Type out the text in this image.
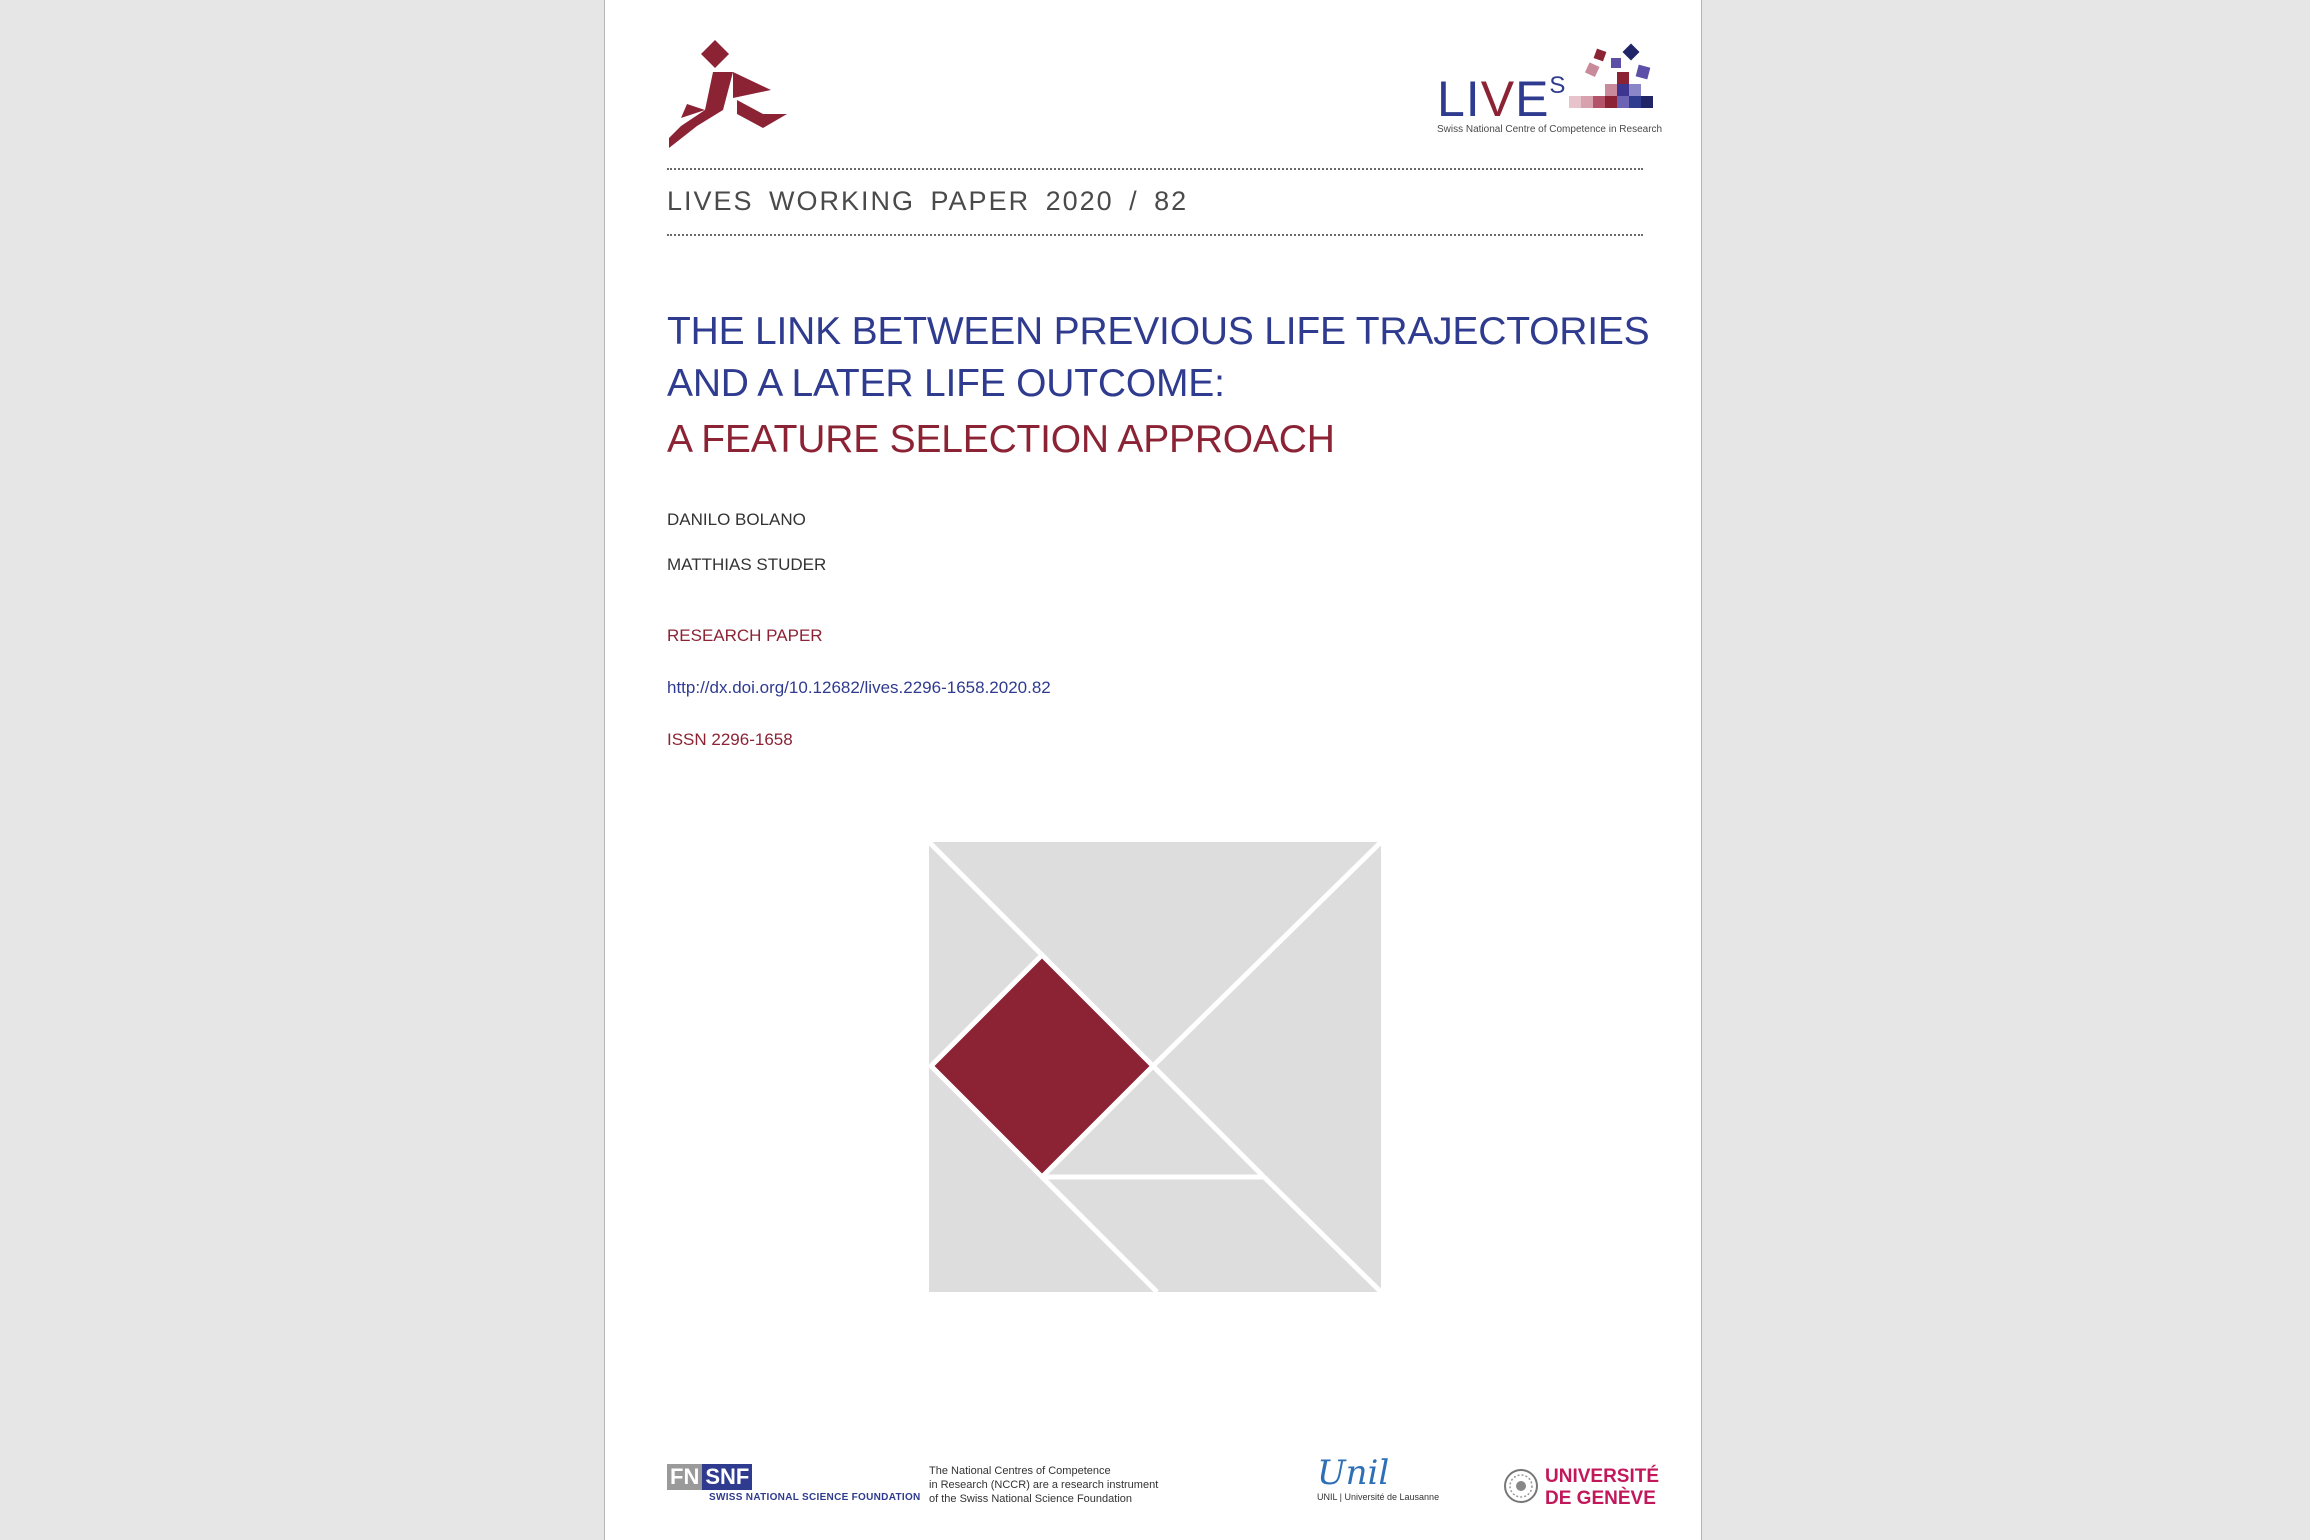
$LIVE^S$
Swiss National Centre of Competence in Research
LIVES WORKING PAPER 2020 / 82
THE LINK BETWEEN PREVIOUS LIFE TRAJECTORIES
AND A LATER LIFE OUTCOME:
A FEATURE SELECTION APPROACH
DANILO BOLANO
MATTHIAS STUDER
RESEARCH PAPER
http://dx.doi.org/10.12682/lives.2296-1658.2020.82
ISSN 2296-1658
FN SNF
SWISS NATIONAL SCIENCE FOUNDATION
The National Centres of Competence
in Research (NCCR) are a research instrument
of the Swiss National Science Foundation
Unil
UNIL | Université de Lausanne
UNIVERSITÉ
DE GENÈVE
